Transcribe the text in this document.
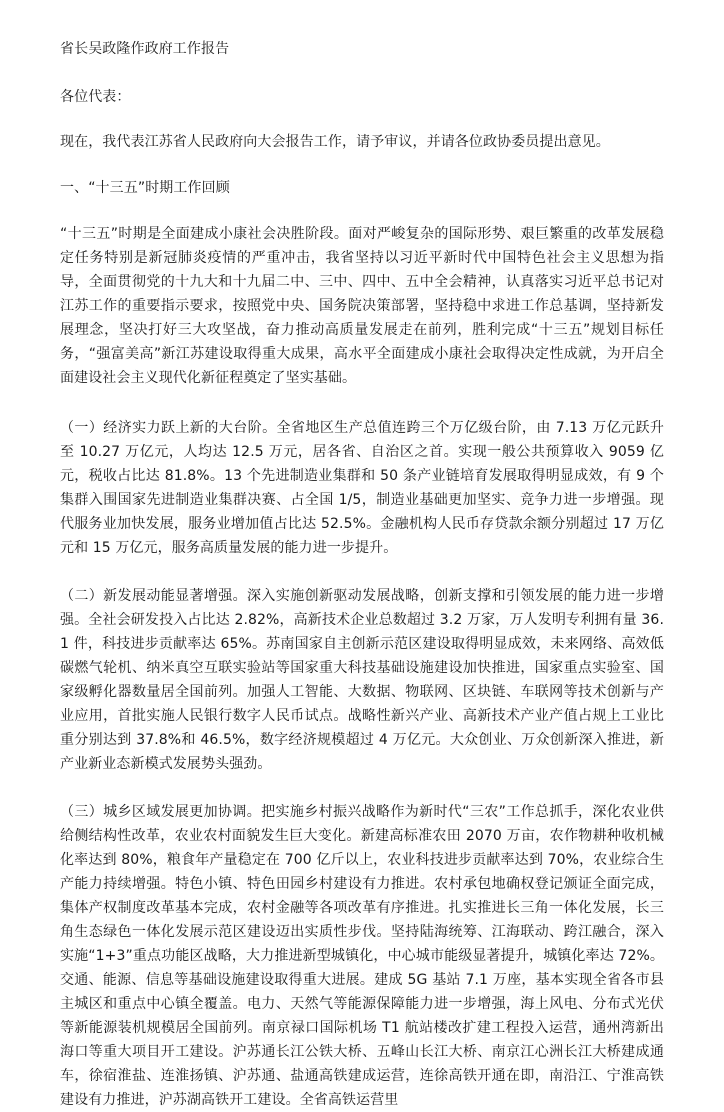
省长吴政隆作政府工作报告

各位代表：

现在，我代表江苏省人民政府向大会报告工作，请予审议，并请各位政协委员提出意见。

一、“十三五”时期工作回顾

“十三五”时期是全面建成小康社会决胜阶段。面对严峻复杂的国际形势、艰巨繁重的改革发展稳定任务特别是新冠肺炎疫情的严重冲击，我省坚持以习近平新时代中国特色社会主义思想为指导，全面贯彻党的十九大和十九届二中、三中、四中、五中全会精神，认真落实习近平总书记对江苏工作的重要指示要求，按照党中央、国务院决策部署，坚持稳中求进工作总基调，坚持新发展理念，坚决打好三大攻坚战，奋力推动高质量发展走在前列，胜利完成“十三五”规划目标任务，“强富美高”新江苏建设取得重大成果，高水平全面建成小康社会取得决定性成就，为开启全面建设社会主义现代化新征程奠定了坚实基础。

（一）经济实力跃上新的大台阶。全省地区生产总值连跨三个万亿级台阶，由 7.13 万亿元跃升至 10.27 万亿元，人均达 12.5 万元，居各省、自治区之首。实现一般公共预算收入 9059 亿元，税收占比达 81.8%。13 个先进制造业集群和 50 条产业链培育发展取得明显成效，有 9 个集群入围国家先进制造业集群决赛、占全国 1/5，制造业基础更加坚实、竞争力进一步增强。现代服务业加快发展，服务业增加值占比达 52.5%。金融机构人民币存贷款余额分别超过 17 万亿元和 15 万亿元，服务高质量发展的能力进一步提升。

（二）新发展动能显著增强。深入实施创新驱动发展战略，创新支撑和引领发展的能力进一步增强。全社会研发投入占比达 2.82%，高新技术企业总数超过 3.2 万家，万人发明专利拥有量 36.1 件，科技进步贡献率达 65%。苏南国家自主创新示范区建设取得明显成效，未来网络、高效低碳燃气轮机、纳米真空互联实验站等国家重大科技基础设施建设加快推进，国家重点实验室、国家级孵化器数量居全国前列。加强人工智能、大数据、物联网、区块链、车联网等技术创新与产业应用，首批实施人民银行数字人民币试点。战略性新兴产业、高新技术产业产值占规上工业比重分别达到 37.8%和 46.5%，数字经济规模超过 4 万亿元。大众创业、万众创新深入推进，新产业新业态新模式发展势头强劲。

（三）城乡区域发展更加协调。把实施乡村振兴战略作为新时代“三农”工作总抓手，深化农业供给侧结构性改革，农业农村面貌发生巨大变化。新建高标准农田 2070 万亩，农作物耕种收机械化率达到 80%，粮食年产量稳定在 700 亿斤以上，农业科技进步贡献率达到 70%，农业综合生产能力持续增强。特色小镇、特色田园乡村建设有力推进。农村承包地确权登记颁证全面完成，集体产权制度改革基本完成，农村金融等各项改革有序推进。扎实推进长三角一体化发展，长三角生态绿色一体化发展示范区建设迈出实质性步伐。坚持陆海统筹、江海联动、跨江融合，深入实施“1+3”重点功能区战略，大力推进新型城镇化，中心城市能级显著提升，城镇化率达 72%。交通、能源、信息等基础设施建设取得重大进展。建成 5G 基站 7.1 万座，基本实现全省各市县主城区和重点中心镇全覆盖。电力、天然气等能源保障能力进一步增强，海上风电、分布式光伏等新能源装机规模居全国前列。南京禄口国际机场 T1 航站楼改扩建工程投入运营，通州湾新出海口等重大项目开工建设。沪苏通长江公铁大桥、五峰山长江大桥、南京江心洲长江大桥建成通车，徐宿淮盐、连淮扬镇、沪苏通、盐通高铁建成运营，连徐高铁开通在即，南沿江、宁淮高铁建设有力推进，沪苏湖高铁开工建设。全省高铁运营里
